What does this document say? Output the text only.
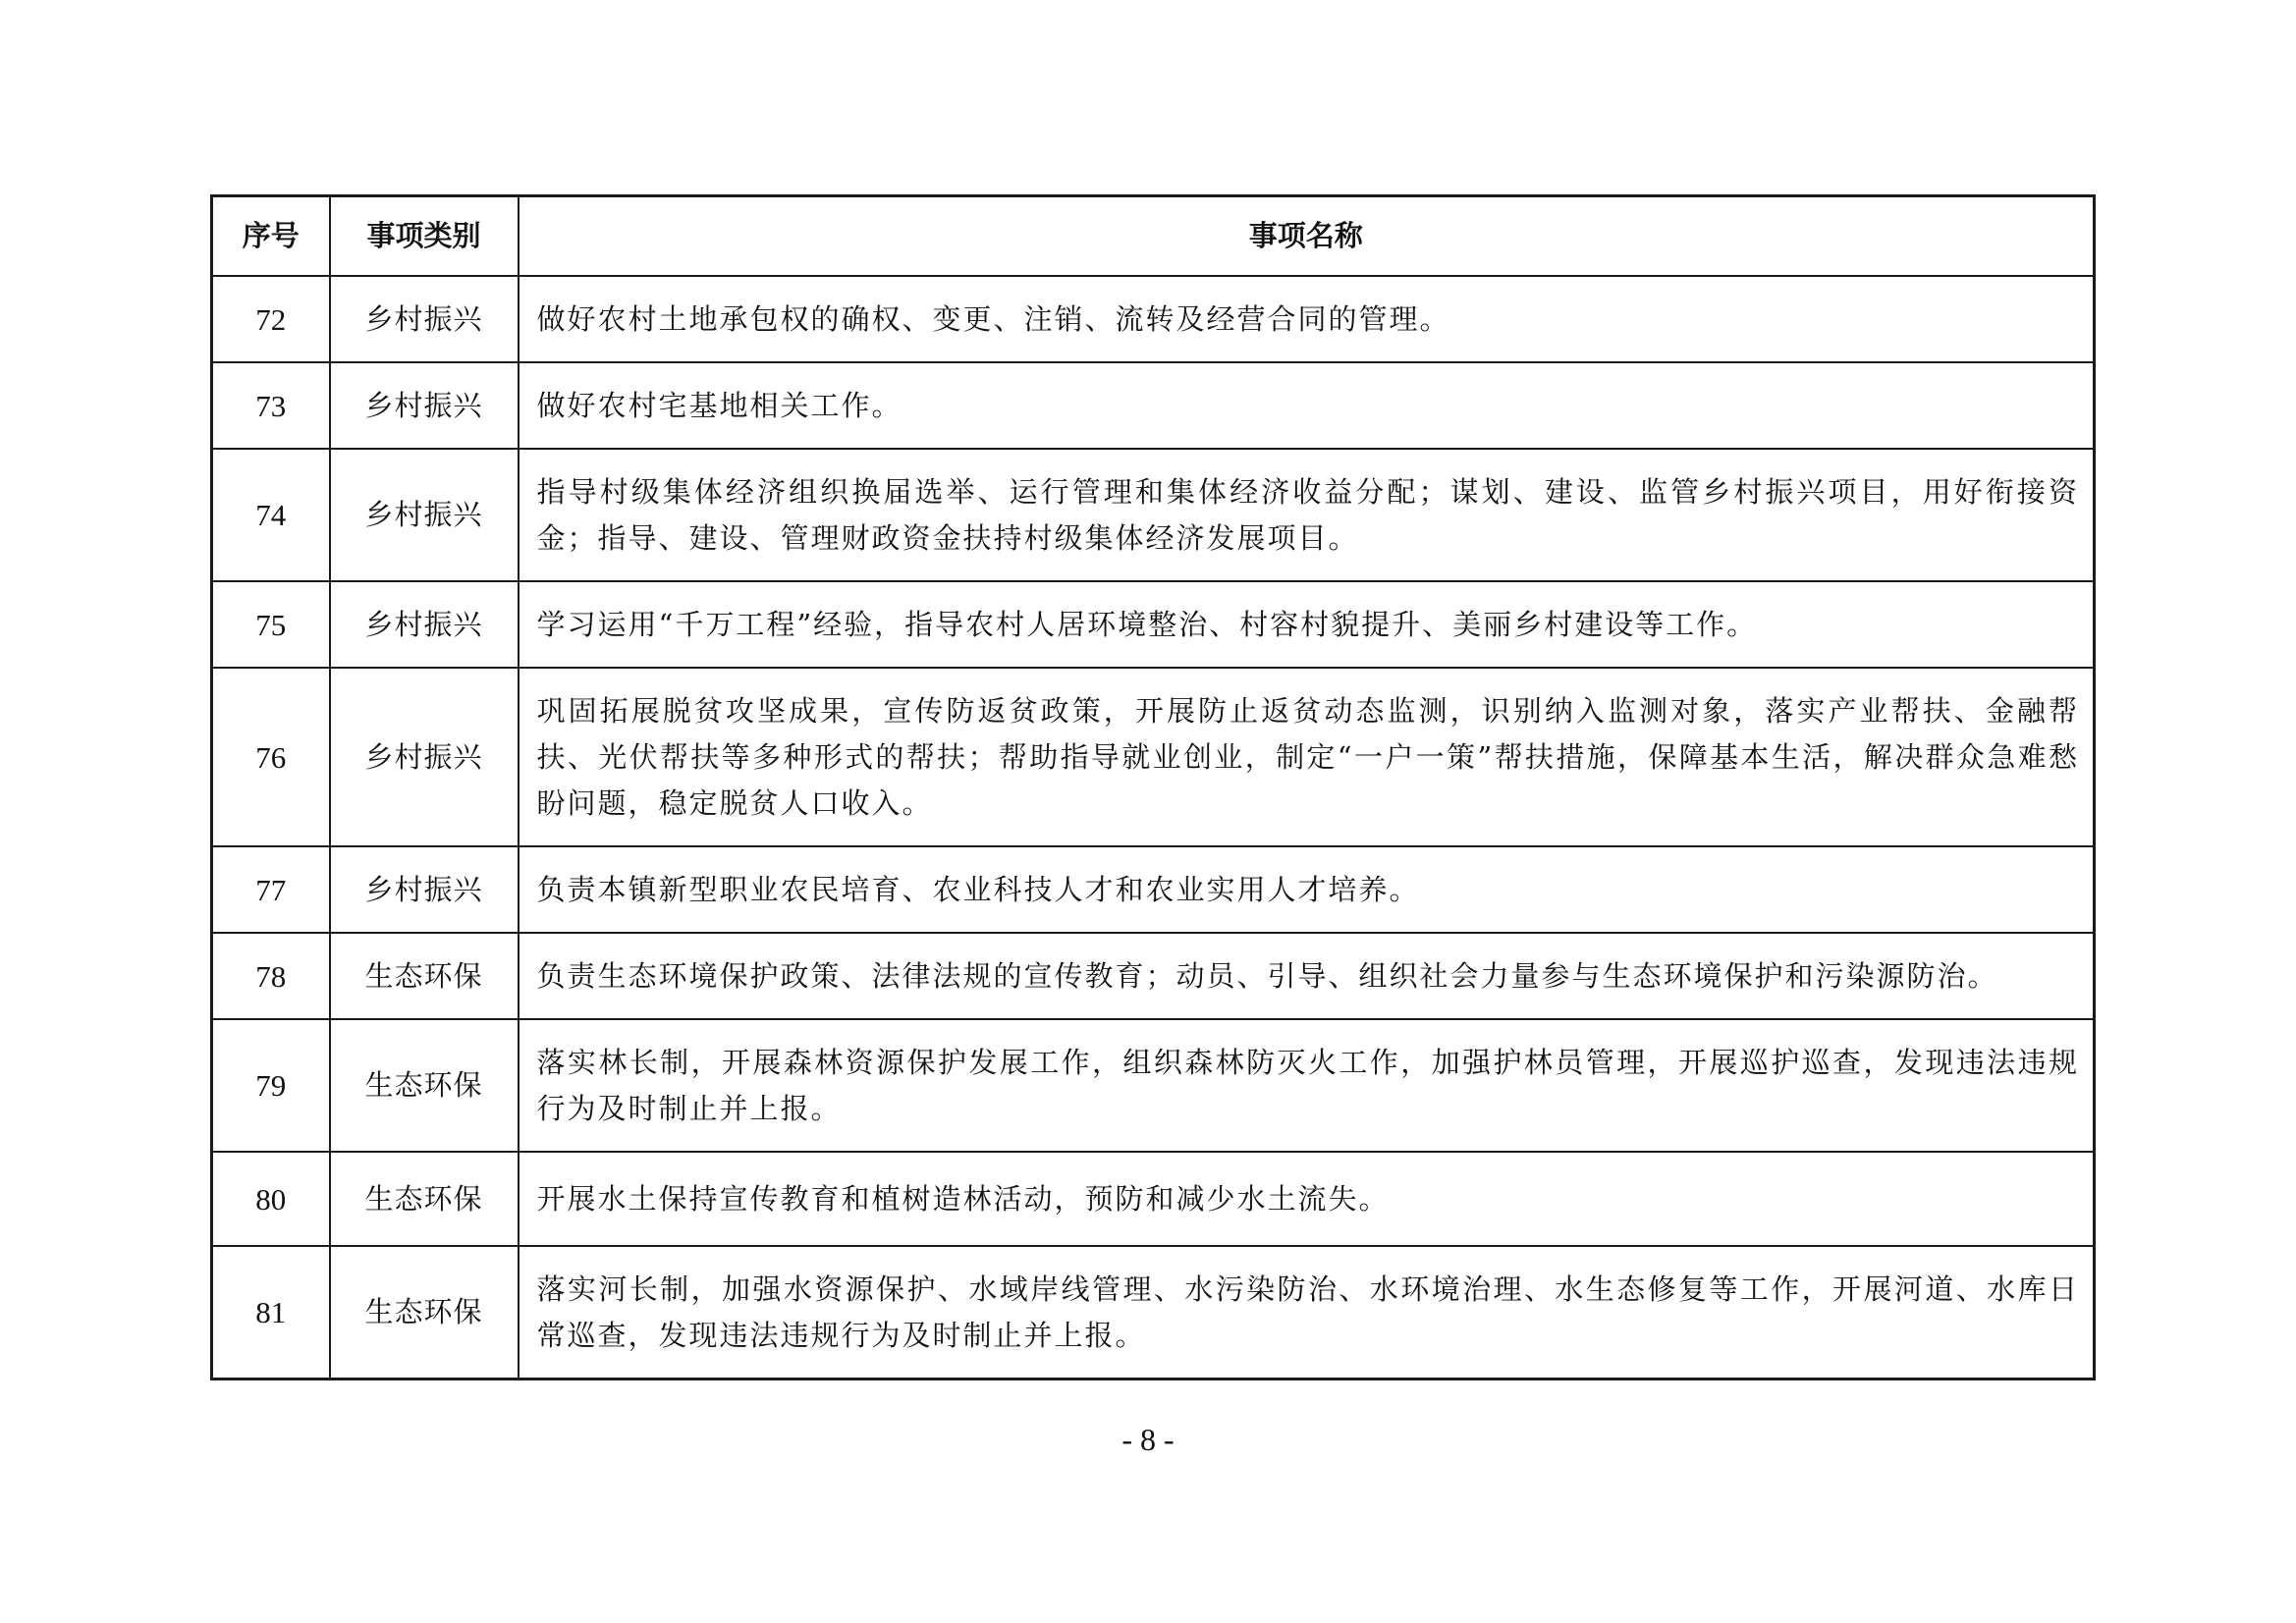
序号	事项类别	事项名称
72	乡村振兴	做好农村土地承包权的确权、变更、注销、流转及经营合同的管理。
73	乡村振兴	做好农村宅基地相关工作。
74	乡村振兴	指导村级集体经济组织换届选举、运行管理和集体经济收益分配；谋划、建设、监管乡村振兴项目，用好衔接资金；指导、建设、管理财政资金扶持村级集体经济发展项目。
75	乡村振兴	学习运用“千万工程”经验，指导农村人居环境整治、村容村貌提升、美丽乡村建设等工作。
76	乡村振兴	巩固拓展脱贫攻坚成果，宣传防返贫政策，开展防止返贫动态监测，识别纳入监测对象，落实产业帮扶、金融帮扶、光伏帮扶等多种形式的帮扶；帮助指导就业创业，制定“一户一策”帮扶措施，保障基本生活，解决群众急难愁盼问题，稳定脱贫人口收入。
77	乡村振兴	负责本镇新型职业农民培育、农业科技人才和农业实用人才培养。
78	生态环保	负责生态环境保护政策、法律法规的宣传教育；动员、引导、组织社会力量参与生态环境保护和污染源防治。
79	生态环保	落实林长制，开展森林资源保护发展工作，组织森林防灭火工作，加强护林员管理，开展巡护巡查，发现违法违规行为及时制止并上报。
80	生态环保	开展水土保持宣传教育和植树造林活动，预防和减少水土流失。
81	生态环保	落实河长制，加强水资源保护、水域岸线管理、水污染防治、水环境治理、水生态修复等工作，开展河道、水库日常巡查，发现违法违规行为及时制止并上报。
- 8 -
